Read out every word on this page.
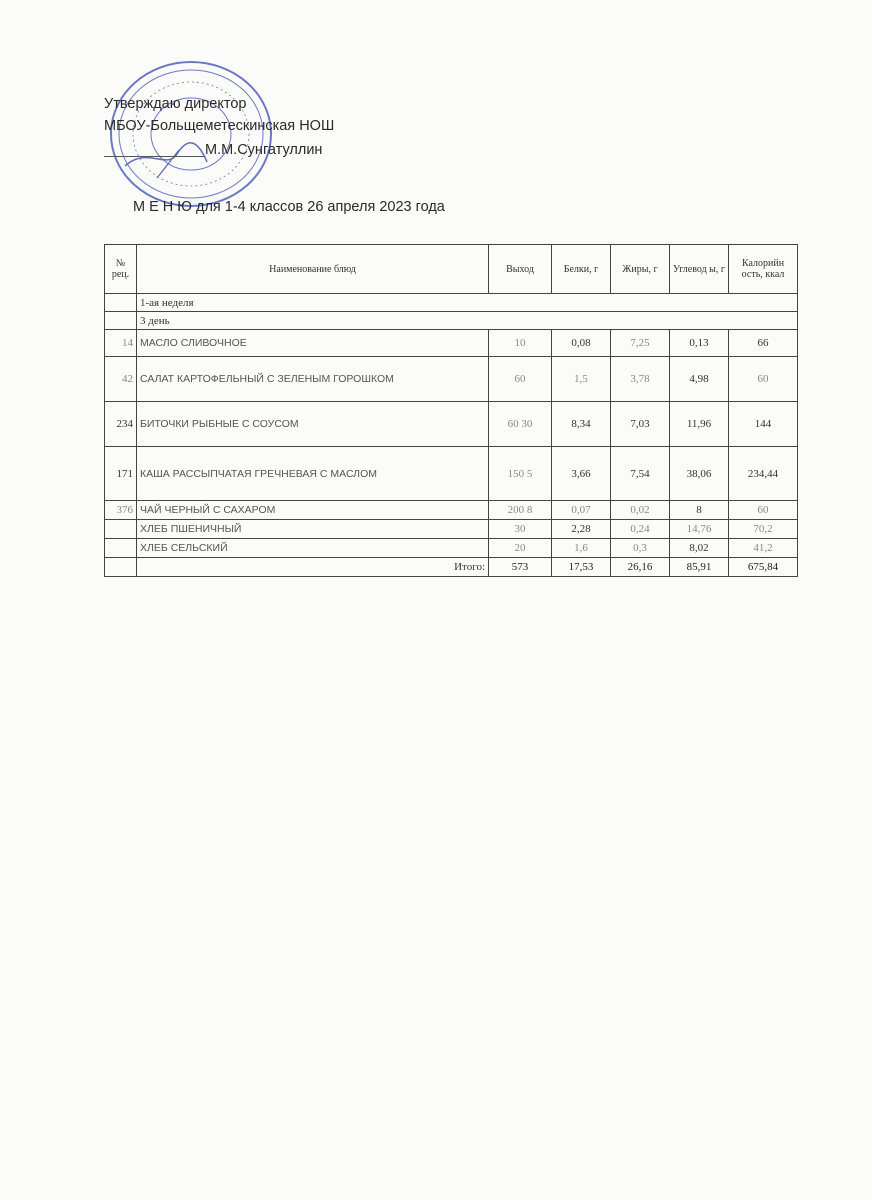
Утверждаю директор
МБОУ-Больщеметескинская НОШ
М.М.Сунгатуллин
М Е Н Ю для 1-4 классов 26 апреля 2023 года
№ рец.	Наименование блюд	Выход	Белки, г	Жиры, г	Углевод ы, г	Калорийн ость, ккал
	1-ая неделя					
	3 день					
14	МАСЛО СЛИВОЧНОЕ	10	0,08	7,25	0,13	66
42	САЛАТ КАРТОФЕЛЬНЫЙ С ЗЕЛЕНЫМ ГОРОШКОМ	60	1,5	3,78	4,98	60
234	БИТОЧКИ РЫБНЫЕ С СОУСОМ	60 30	8,34	7,03	11,96	144
171	КАША РАССЫПЧАТАЯ ГРЕЧНЕВАЯ С МАСЛОМ	150 5	3,66	7,54	38,06	234,44
376	ЧАЙ ЧЕРНЫЙ С САХАРОМ	200 8	0,07	0,02	8	60
	ХЛЕБ ПШЕНИЧНЫЙ	30	2,28	0,24	14,76	70,2
	ХЛЕБ СЕЛЬСКИЙ	20	1,6	0,3	8,02	41,2
	Итого:	573	17,53	26,16	85,91	675,84
